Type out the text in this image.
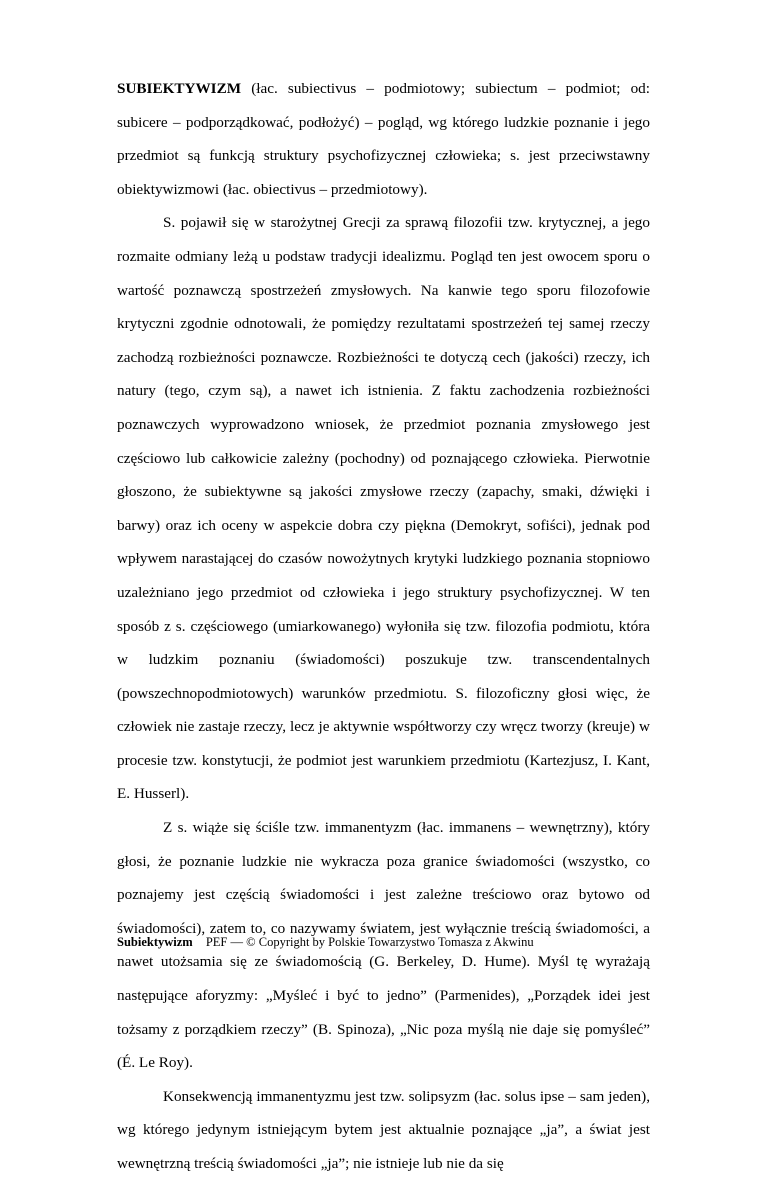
SUBIEKTYWIZM (łac. subiectivus – podmiotowy; subiectum – podmiot; od: subicere – podporządkować, podłożyć) – pogląd, wg którego ludzkie poznanie i jego przedmiot są funkcją struktury psychofizycznej człowieka; s. jest przeciwstawny obiektywizmowi (łac. obiectivus – przedmiotowy).

S. pojawił się w starożytnej Grecji za sprawą filozofii tzw. krytycznej, a jego rozmaite odmiany leżą u podstaw tradycji idealizmu. Pogląd ten jest owocem sporu o wartość poznawczą spostrzeżeń zmysłowych. Na kanwie tego sporu filozofowie krytyczni zgodnie odnotowali, że pomiędzy rezultatami spostrzeżeń tej samej rzeczy zachodzą rozbieżności poznawcze. Rozbieżności te dotyczą cech (jakości) rzeczy, ich natury (tego, czym są), a nawet ich istnienia. Z faktu zachodzenia rozbieżności poznawczych wyprowadzono wniosek, że przedmiot poznania zmysłowego jest częściowo lub całkowicie zależny (pochodny) od poznającego człowieka. Pierwotnie głoszono, że subiektywne są jakości zmysłowe rzeczy (zapachy, smaki, dźwięki i barwy) oraz ich oceny w aspekcie dobra czy piękna (Demokryt, sofiści), jednak pod wpływem narastającej do czasów nowożytnych krytyki ludzkiego poznania stopniowo uzależniano jego przedmiot od człowieka i jego struktury psychofizycznej. W ten sposób z s. częściowego (umiarkowanego) wyłoniła się tzw. filozofia podmiotu, która w ludzkim poznaniu (świadomości) poszukuje tzw. transcendentalnych (powszechnopodmiotowych) warunków przedmiotu. S. filozoficzny głosi więc, że człowiek nie zastaje rzeczy, lecz je aktywnie współtworzy czy wręcz tworzy (kreuje) w procesie tzw. konstytucji, że podmiot jest warunkiem przedmiotu (Kartezjusz, I. Kant, E. Husserl).

Z s. wiąże się ściśle tzw. immanentyzm (łac. immanens – wewnętrzny), który głosi, że poznanie ludzkie nie wykracza poza granice świadomości (wszystko, co poznajemy jest częścią świadomości i jest zależne treściowo oraz bytowo od świadomości), zatem to, co nazywamy światem, jest wyłącznie treścią świadomości, a nawet utożsamia się ze świadomością (G. Berkeley, D. Hume). Myśl tę wyrażają następujące aforyzmy: „Myśleć i być to jedno” (Parmenides), „Porządek idei jest tożsamy z porządkiem rzeczy” (B. Spinoza), „Nic poza myślą nie daje się pomyśleć” (É. Le Roy).

Konsekwencją immanentyzmu jest tzw. solipsyzm (łac. solus ipse – sam jeden), wg którego jedynym istniejącym bytem jest aktualnie poznające „ja”, a świat jest wewnętrzną treścią świadomości „ja”; nie istnieje lub nie da się

Subiektywizm PEF — © Copyright by Polskie Towarzystwo Tomasza z Akwinu
